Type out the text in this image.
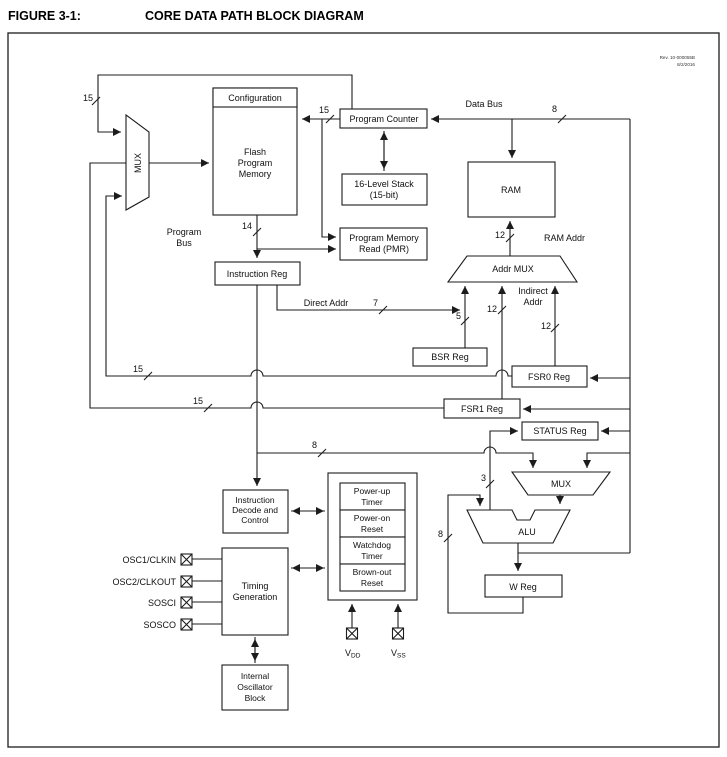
FIGURE 3-1:	CORE DATA PATH BLOCK DIAGRAM
Rev. 10-000055B
8/2/2016
Configuration
Flash
Program
Memory
MUX
Program Counter
16-Level Stack
(15-bit)	RAM
Program Memory
Read (PMR)
Instruction Reg	Addr MUX
BSR Reg
FSR0 Reg
FSR1 Reg
STATUS Reg
MUX
ALU
W Reg
Instruction
Decode and
Control
Timing
Generation
Power-up
Timer
Power-on
Reset
Watchdog
Timer
Brown-out
Reset
Internal
Oscillator
Block
OSC1/CLKIN
OSC2/CLKOUT
SOSCI
SOSCO
V DD	V SS
Data Bus
Program
Bus	RAM Addr
Direct Addr
Indirect
Addr
15
15	8
14
7
5
12
12
12
15
15
8
3
8
